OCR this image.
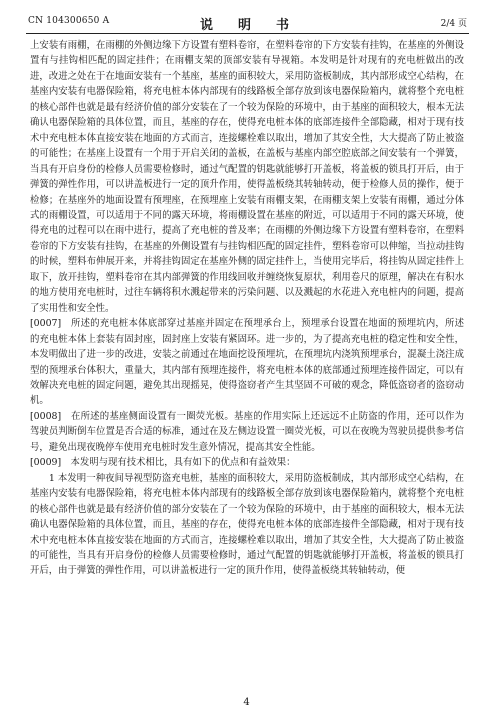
CN 104300650 A	说　明　书	2/4 页

上安装有雨棚，在雨棚的外侧边缘下方设置有塑料卷帘，在塑料卷帘的下方安装有挂钩，在基座的外侧设置有与挂钩相匹配的固定挂件；在雨棚支架的顶部安装有导视箱。本发明是针对现有的充电桩做出的改进，改进之处在于在地面安装有一个基座，基座的面积较大，采用防盗板制成，其内部形成空心结构，在基座内安装有电器保险箱，将充电桩本体内部现有的线路板全部存放到该电器保险箱内，就将整个充电桩的核心部件也就是最有经济价值的部分安装在了一个较为保险的环境中，由于基座的面积较大，根本无法确认电器保险箱的具体位置，而且，基座的存在，使得充电桩本体的底部连接件全部隐藏，相对于现有技术中充电桩本体直接安装在地面的方式而言，连接螺栓难以取出，增加了其安全性，大大提高了防止被盗的可能性；在基座上设置有一个用于开启关闭的盖板，在盖板与基座内部空腔底部之间安装有一个弹簧，当具有开启身份的检修人员需要检修时，通过气配置的钥匙就能够打开盖板，将盖板的锁具打开后，由于弹簧的弹性作用，可以讲盖板进行一定的顶升作用，使得盖板绕其转轴转动，便于检修人员的操作，便于检修；在基座外的地面设置有预埋座，在预埋座上安装有雨棚支架，在雨棚支架上安装有雨棚，通过分体式的雨棚设置，可以适用于不同的露天环境，将雨棚设置在基座的附近，可以适用于不同的露天环境，使得充电的过程可以在雨中进行，提高了充电桩的普及率；在雨棚的外侧边缘下方设置有塑料卷帘，在塑料卷帘的下方安装有挂钩，在基座的外侧设置有与挂钩相匹配的固定挂件，塑料卷帘可以伸缩，当拉动挂钩的时候，塑料布伸展开来，并将挂钩固定在基座外侧的固定挂件上，当使用完毕后，将挂钩从固定挂件上取下，放开挂钩，塑料卷帘在其内部弹簧的作用线回收并缠绕恢复原状，利用卷尺的原理，解决在有积水的地方使用充电桩时，过往车辆将积水溅起带来的污染问题、以及溅起的水花进入充电桩内的问题，提高了实用性和安全性。

[0007]　所述的充电桩本体底部穿过基座并固定在预埋承台上，预埋承台设置在地面的预埋坑内，所述的充电桩本体上套装有固封座，固封座上安装有紧固环。进一步的，为了提高充电桩的稳定性和安全性，本发明做出了进一步的改进，安装之前通过在地面挖设预埋坑，在预埋坑内浇筑预埋承台，混凝土浇注成型的预埋承台体积大，重量大，其内部有预埋连接件，将充电桩本体的底部通过预埋连接件固定，可以有效解决充电桩的固定问题，避免其出现摇晃，使得盗窃者产生其坚固不可破的观念，降低盗窃者的盗窃动机。

[0008]　在所述的基座侧面设置有一圈荧光板。基座的作用实际上还远远不止防盗的作用，还可以作为驾驶员判断倒车位置是否合适的标准，通过在及左侧边设置一圈荧光板，可以在夜晚为驾驶员提供参考信号，避免出现夜晚停车使用充电桩时发生意外情况，提高其安全性能。

[0009]　本发明与现有技术相比，具有如下的优点和有益效果：

　　1 本发明一种夜间导视型防盗充电桩，基座的面积较大，采用防盗板制成，其内部形成空心结构，在基座内安装有电器保险箱，将充电桩本体内部现有的线路板全部存放到该电器保险箱内，就将整个充电桩的核心部件也就是最有经济价值的部分安装在了一个较为保险的环境中，由于基座的面积较大，根本无法确认电器保险箱的具体位置，而且，基座的存在，使得充电桩本体的底部连接件全部隐藏，相对于现有技术中充电桩本体直接安装在地面的方式而言，连接螺栓难以取出，增加了其安全性，大大提高了防止被盗的可能性，当具有开启身份的检修人员需要检修时，通过气配置的钥匙就能够打开盖板，将盖板的锁具打开后，由于弹簧的弹性作用，可以讲盖板进行一定的顶升作用，使得盖板绕其转轴转动，便

4
